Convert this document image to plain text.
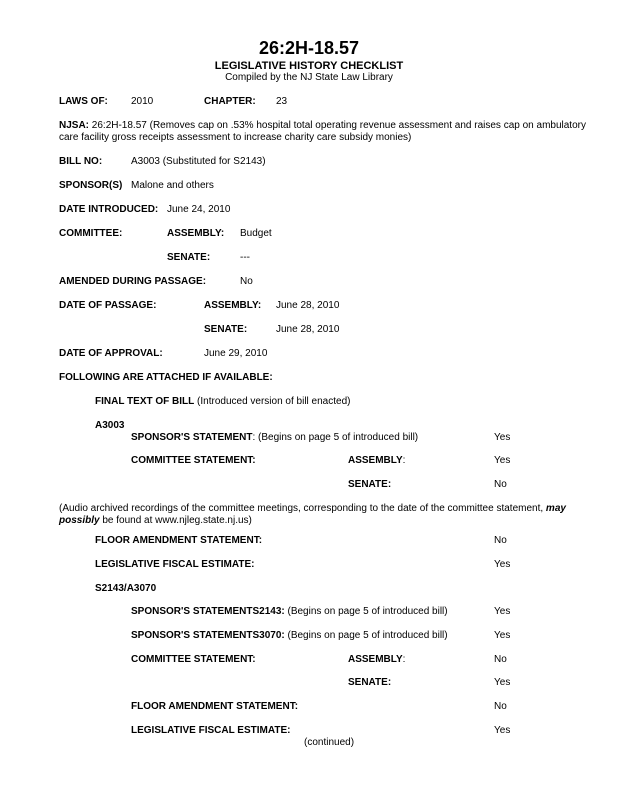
26:2H-18.57
LEGISLATIVE HISTORY CHECKLIST
Compiled by the NJ State Law Library
LAWS OF: 2010	CHAPTER: 23
NJSA: 26:2H-18.57 (Removes cap on .53% hospital total operating revenue assessment and raises cap on ambulatory care facility gross receipts assessment to increase charity care subsidy monies)
BILL NO:	A3003 (Substituted for S2143)
SPONSOR(S) Malone and others
DATE INTRODUCED: June 24, 2010
COMMITTEE:	ASSEMBLY: Budget
SENATE:	---
AMENDED DURING PASSAGE:	No
DATE OF PASSAGE:	ASSEMBLY: June 28, 2010
SENATE:	June 28, 2010
DATE OF APPROVAL:	June 29, 2010
FOLLOWING ARE ATTACHED IF AVAILABLE:
FINAL TEXT OF BILL (Introduced version of bill enacted)
A3003
SPONSOR'S STATEMENT: (Begins on page 5 of introduced bill)	Yes
COMMITTEE STATEMENT:	ASSEMBLY:	Yes
SENATE:	No
(Audio archived recordings of the committee meetings, corresponding to the date of the committee statement, may possibly be found at www.njleg.state.nj.us)
FLOOR AMENDMENT STATEMENT:	No
LEGISLATIVE FISCAL ESTIMATE:	Yes
S2143/A3070
SPONSOR'S STATEMENTS2143: (Begins on page 5 of introduced bill)	Yes
SPONSOR'S STATEMENTS3070: (Begins on page 5 of introduced bill)	Yes
COMMITTEE STATEMENT:	ASSEMBLY:	No
SENATE:	Yes
FLOOR AMENDMENT STATEMENT:	No
LEGISLATIVE FISCAL ESTIMATE:	Yes
(continued)
